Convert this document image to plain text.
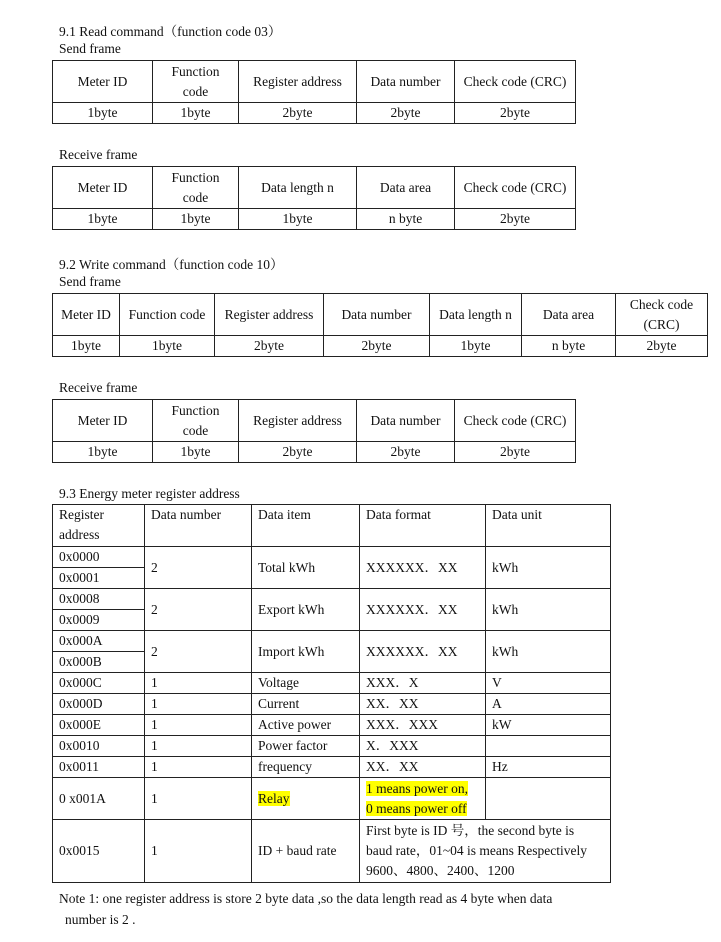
9.1 Read command（function code 03）
Send frame
Meter ID	Function code	Register address	Data number	Check code (CRC)
1byte	1byte	2byte	2byte	2byte
Receive frame
Meter ID	Function code	Data length n	Data area	Check code (CRC)
1byte	1byte	1byte	n byte	2byte
9.2 Write command（function code 10）
Send frame
Meter ID	Function code	Register address	Data number	Data length n	Data area	Check code (CRC)
1byte	1byte	2byte	2byte	1byte	n byte	2byte
Receive frame
Meter ID	Function code	Register address	Data number	Check code (CRC)
1byte	1byte	2byte	2byte	2byte
9.3 Energy meter register address
Register address	Data number	Data item	Data format	Data unit
0x0000	2	Total kWh	XXXXXX．XX	kWh
0x0001				
0x0008	2	Export kWh	XXXXXX．XX	kWh
0x0009				
0x000A	2	Import kWh	XXXXXX．XX	kWh
0x000B				
0x000C	1	Voltage	XXX．X	V
0x000D	1	Current	XX．XX	A
0x000E	1	Active power	XXX．XXX	kW
0x0010	1	Power factor	X．XXX	
0x0011	1	frequency	XX．XX	Hz
0 x001A	1	Relay	1 means power on,
0 means power off	
0x0015	1	ID + baud rate	First byte is ID 号，the second byte is
baud rate，01~04 is means Respectively
9600、4800、2400、1200	
Note 1: one register address is store 2 byte data ,so the data length read as 4 byte when data
number is 2 .
